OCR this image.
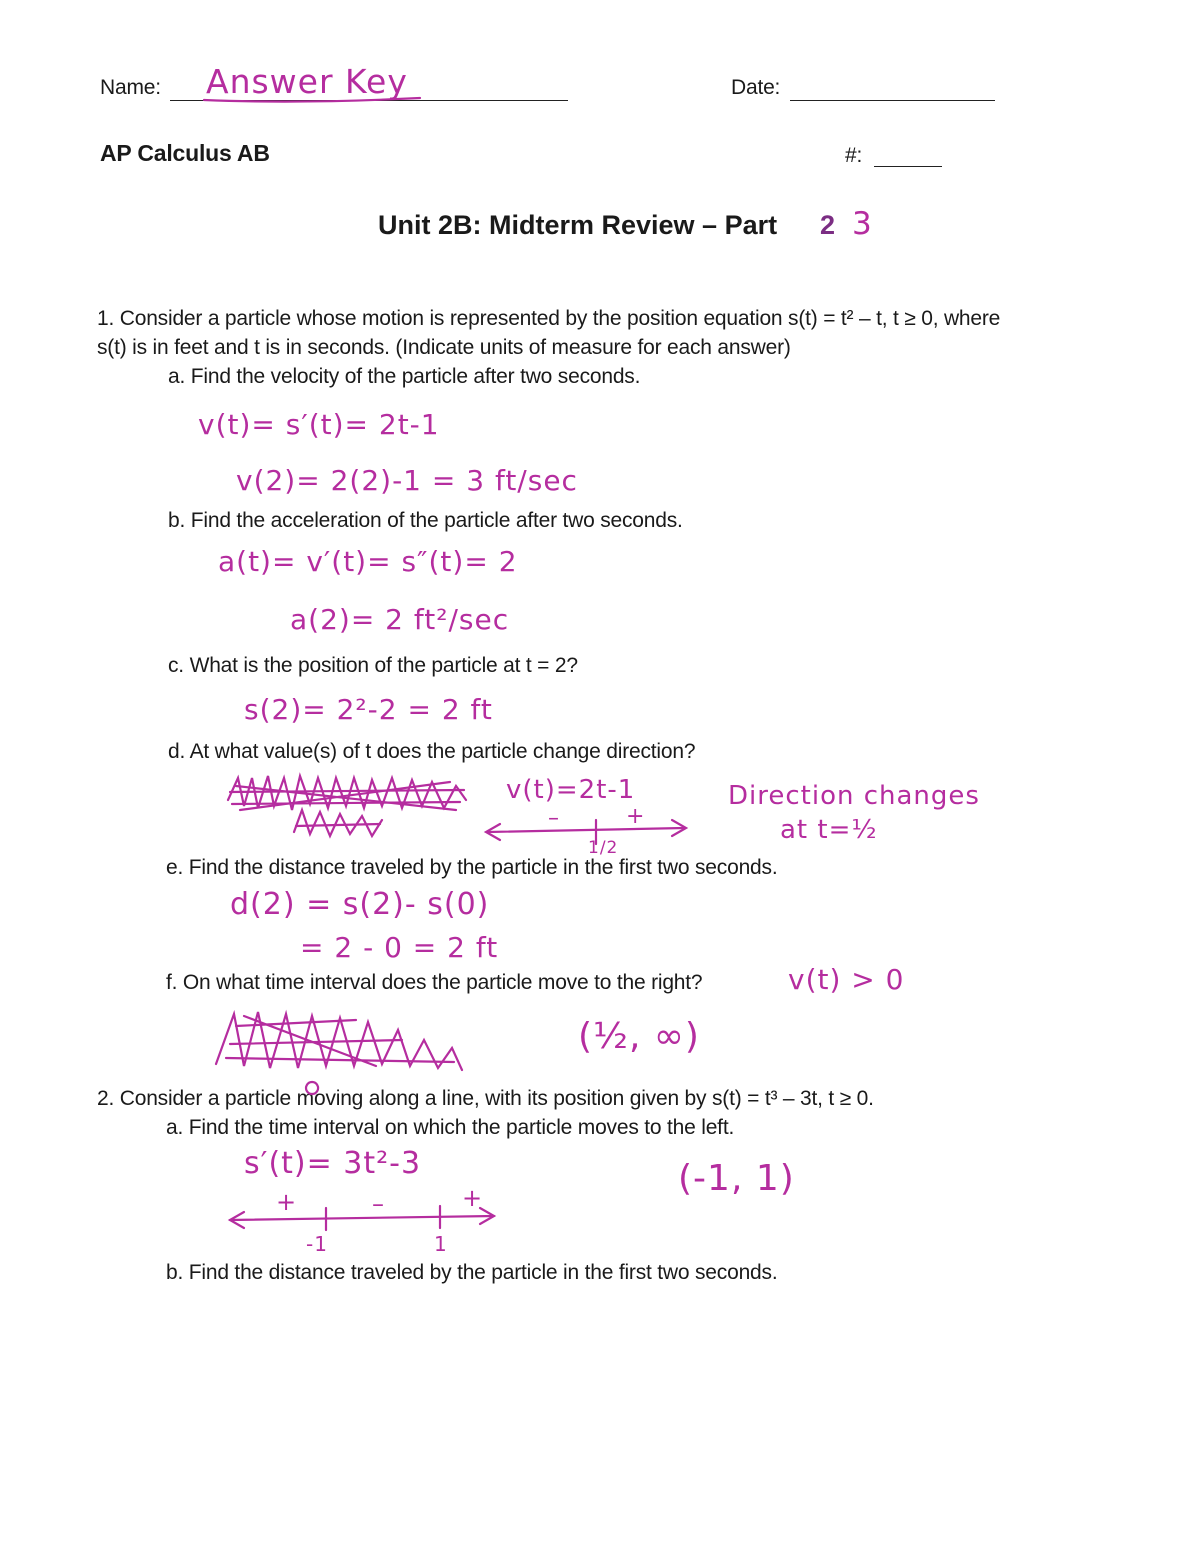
Name: Answer Key	Date:
AP Calculus AB	#:
Unit 2B: Midterm Review – Part 2 3
1. Consider a particle whose motion is represented by the position equation s(t) = t² – t, t ≥ 0, where
s(t) is in feet and t is in seconds. (Indicate units of measure for each answer)
a. Find the velocity of the particle after two seconds.
v(t)= s′(t)= 2t-1
v(2)= 2(2)-1 = 3 ft/sec
b. Find the acceleration of the particle after two seconds.
a(t)= v′(t)= s″(t)= 2
a(2)= 2 ft²/sec
c. What is the position of the particle at t = 2?
s(2)= 2²-2 = 2 ft
d. At what value(s) of t does the particle change direction?
v(t)=2t-1
–	+
1/2
Direction changes
at t=½
e. Find the distance traveled by the particle in the first two seconds.
d(2) = s(2)- s(0)
= 2 - 0 = 2 ft
f. On what time interval does the particle move to the right?	v(t) > 0
(½, ∞)
2. Consider a particle moving along a line, with its position given by s(t) = t³ – 3t, t ≥ 0.
a. Find the time interval on which the particle moves to the left.
s′(t)= 3t²-3	(-1, 1)
+	–	+
-1	1
b. Find the distance traveled by the particle in the first two seconds.
